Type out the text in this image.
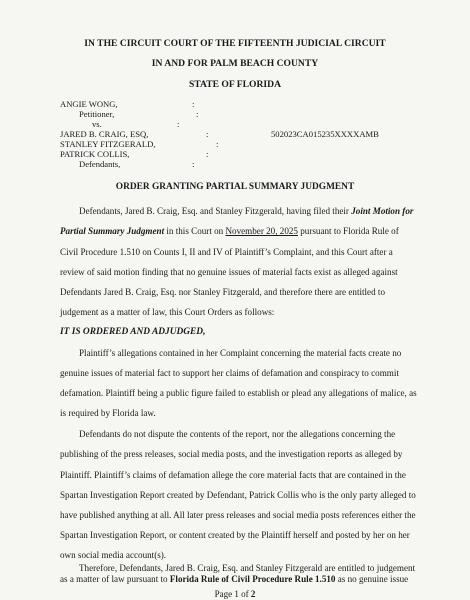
IN THE CIRCUIT COURT OF THE FIFTEENTH JUDICIAL CIRCUIT
IN AND FOR PALM BEACH COUNTY
STATE OF FLORIDA
ANGIE WONG,	:
Petitioner,	:
vs.	:
JARED B. CRAIG, ESQ,	:	502023CA015235XXXXAMB
STANLEY FITZGERALD,	:
PATRICK COLLIS,	:
Defendants,	:
ORDER GRANTING PARTIAL SUMMARY JUDGMENT
Defendants, Jared B. Craig, Esq. and Stanley Fitzgerald, having filed their Joint Motion for
Partial Summary Judgment in this Court on November 20, 2025 pursuant to Florida Rule of
Civil Procedure 1.510 on Counts I, II and IV of Plaintiff’s Complaint, and this Court after a
review of said motion finding that no genuine issues of material facts exist as alleged against
Defendants Jared B. Craig, Esq. nor Stanley Fitzgerald, and therefore there are entitled to
judgement as a matter of law, this Court Orders as follows:
IT IS ORDERED AND ADJUDGED,
Plaintiff’s allegations contained in her Complaint concerning the material facts create no
genuine issues of material fact to support her claims of defamation and conspiracy to commit
defamation. Plaintiff being a public figure failed to establish or plead any allegations of malice, as
is required by Florida law.
Defendants do not dispute the contents of the report, nor the allegations concerning the
publishing of the press releases, social media posts, and the investigation reports as alleged by
Plaintiff. Plaintiff’s claims of defamation allege the core material facts that are contained in the
Spartan Investigation Report created by Defendant, Patrick Collis who is the only party alleged to
have published anything at all. All later press releases and social media posts references either the
Spartan Investigation Report, or content created by the Plaintiff herself and posted by her on her
own social media account(s).
Therefore, Defendants, Jared B. Craig, Esq. and Stanley Fitzgerald are entitled to judgement
as a matter of law pursuant to Florida Rule of Civil Procedure Rule 1.510 as no genuine issue
Page 1 of 2
